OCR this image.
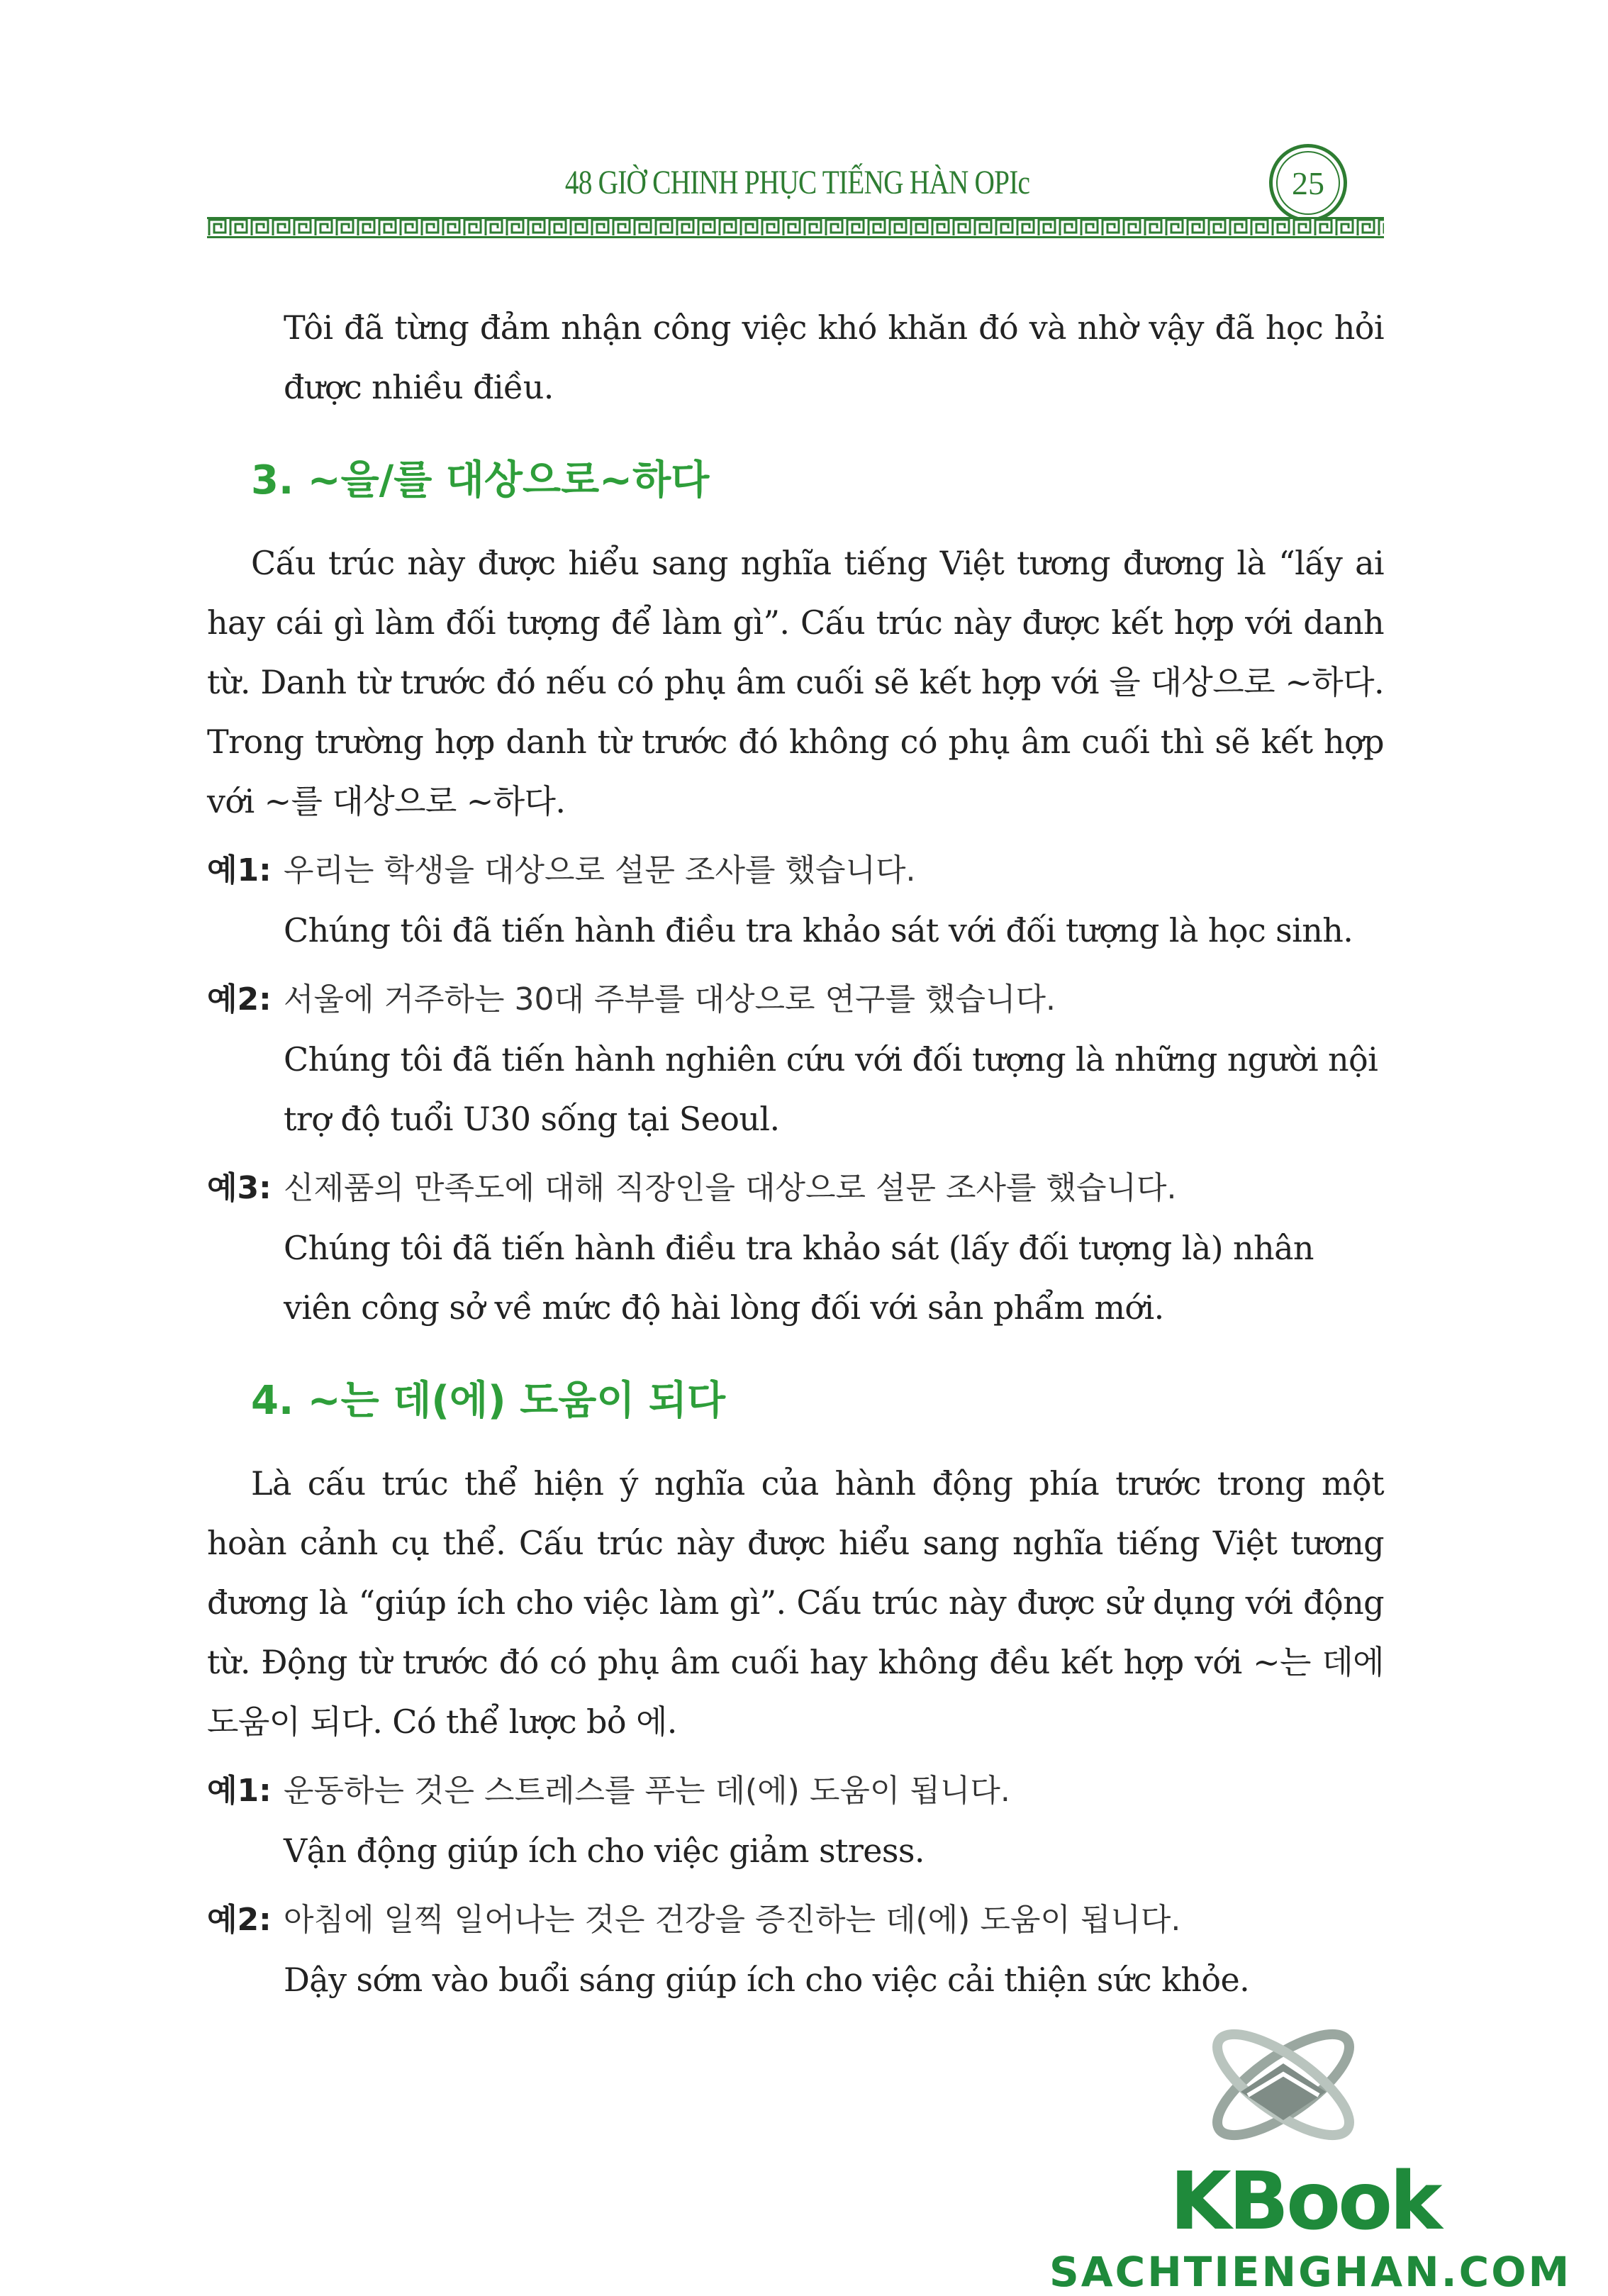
48 GIỜ CHINH PHỤC TIẾNG HÀN OPIc	25

Tôi đã từng đảm nhận công việc khó khăn đó và nhờ vậy đã học hỏi được nhiều điều.

3. ~을/를 대상으로~하다

Cấu trúc này được hiểu sang nghĩa tiếng Việt tương đương là “lấy ai hay cái gì làm đối tượng để làm gì”. Cấu trúc này được kết hợp với danh từ. Danh từ trước đó nếu có phụ âm cuối sẽ kết hợp với 을 대상으로 ~하다. Trong trường hợp danh từ trước đó không có phụ âm cuối thì sẽ kết hợp với ~를 대상으로 ~하다.

예1: 우리는 학생을 대상으로 설문 조사를 했습니다.

Chúng tôi đã tiến hành điều tra khảo sát với đối tượng là học sinh.

예2: 서울에 거주하는 30대 주부를 대상으로 연구를 했습니다.

Chúng tôi đã tiến hành nghiên cứu với đối tượng là những người nội trợ độ tuổi U30 sống tại Seoul.

예3: 신제품의 만족도에 대해 직장인을 대상으로 설문 조사를 했습니다.

Chúng tôi đã tiến hành điều tra khảo sát (lấy đối tượng là) nhân viên công sở về mức độ hài lòng đối với sản phẩm mới.

4. ~는 데(에) 도움이 되다

Là cấu trúc thể hiện ý nghĩa của hành động phía trước trong một hoàn cảnh cụ thể. Cấu trúc này được hiểu sang nghĩa tiếng Việt tương đương là “giúp ích cho việc làm gì”. Cấu trúc này được sử dụng với động từ. Động từ trước đó có phụ âm cuối hay không đều kết hợp với ~는 데에 도움이 되다. Có thể lược bỏ 에.

예1: 운동하는 것은 스트레스를 푸는 데(에) 도움이 됩니다.

Vận động giúp ích cho việc giảm stress.

예2: 아침에 일찍 일어나는 것은 건강을 증진하는 데(에) 도움이 됩니다.

Dậy sớm vào buổi sáng giúp ích cho việc cải thiện sức khỏe.

KBook
SACHTIENGHAN.COM
